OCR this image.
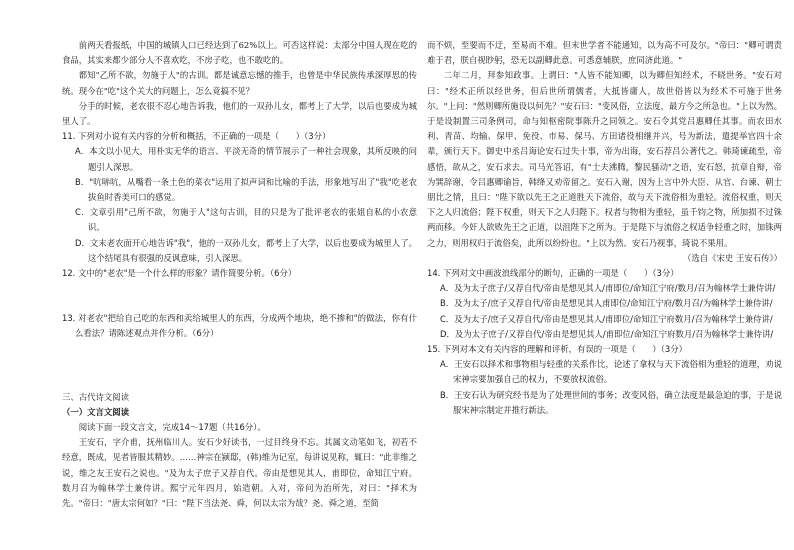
前两天看报纸，中国的城镇人口已经达到了62%以上。可否这样说：太部分中国人现在吃的食品，其实来都少部分人不喜欢吃，不房子吃，也不敢吃的。

都知"乙所不欲，勿施于人"的古训。都是诚意忘憾的推手，也曾是中华民族传承深厚思的传统。现今在"吃"这个关大的问题上，怎么竟搞不见？

分手的时候，老农很不忍心地告诉我，他们的一双孙儿女，都考上了大学，以后也要成为城里人了。

11. 下列对小说有关内容的分析和概括，不正确的一项是（　　）（3分）

A．本文以小见大，用朴实无华的语言、平淡无奇的情节展示了一种社会现象，其所反映的问题引人深思。

B．"吭哧吭，从嘴看一条土色的菜衣"运用了拟声词和比喻的手法，形象地写出了"我"吃老农拔鱼时香美可口的感觉。

C．文章引用"己所不欲，勿施于人"这句古训，目的只是为了批评老农的张姐自私的小农意识。

D．文末老农面开心地告诉"我"，他的一双孙儿女，都考上了大学，以后也要成为城里人了。这个结尾具有很强的反讽意味，引人深思。

12. 文中的"老农"是一个什么样的形象？请作简要分析。（6分）

13. 对老农"把给自己吃的东西和卖给城里人的东西，分成两个地块，绝不掺和"的做法，你有什么看法？请陈述观点并作分析。（6分）

三、古代诗文阅读

（一）文言文阅读

阅读下面一段文言文，完成14～17题（共16分）。

王安石，字介甫，抚州临川人。安石少好读书，一过目终身不忘。其属文动笔如飞，初若不经意，既成，见者皆服其精妙。……神宗在颍邸，(韩)维为记室，每讲说见称，辄曰："此非维之说，维之友王安石之说也。"及为太子庶子又荐自代。帝由是想见其人，甫即位，命知江宁府。数月召为翰林学士兼侍讲。熙宁元年四月，始造朝。入对，帝问为治所先，对曰："择术为先。"帝曰："唐太宗何如？"曰："陛下当法尧、舜，何以太宗为哉？尧、舜之道，至简

而不烦，至要而不迂，至易而不难。但末世学者不能通知，以为高不可及尔。"帝曰："卿可谓责难于君，朕自视眇躬，恐无以副卿此意。可悉意辅朕，庶同济此道。"

二年二月，拜参知政事。上谓曰："人皆不能知卿，以为卿但知经术，不晓世务。"安石对曰："经术正所以经世务，但后世所谓儒者，大抵皆庸人，故世俗皆以为经术不可施于世务尔。"上问："然则卿所施设以何先？"安石曰："变风俗，立法度，最方今之所急也。"上以为然。于是设制置三司条例司，命与知枢密院事陈升之同领之。安石令其党吕惠卿任其事。而农田水利、青苗、均输、保甲、免役、市易、保马、方田诸役相继并兴，号为新法，遣提举官四十余辈，颁行天下。御史中丞吕诲论安石过失十事，帝为出诲，安石荐吕公著代之。韩琦谏疏至，帝感悟，欲从之，安石求去。司马光答诏，有"士夫沸腾，黎民骚动"之语，安石怒，抗章自辩，帝为巽辞谢，令吕惠卿谕旨，韩绛又劝帝留之。安石入谢，因为上言中外大臣、从官、台谏、朝士朋比之情，且曰："陛下欲以先王之正道胜天下流俗，故与天下流俗相为重轻。流俗权重，则天下之人归流俗；陛下权重，则天下之人归陛下。权者与物相为重轻，虽千钧之物，所加损不过铢两而移。今奸人欲败先王之正道，以沮陛下之所为。于是陛下与流俗之权适争轻重之时，加铢两之力，则用权归于流俗矣，此所以纷纷也。"上以为然。安石乃视事，琦说不果用。

（选自《宋史 王安石传》）

14. 下列对文中画波浪线部分的断句，正确的一项是（　　）（3分）

A．及为太子庶子/又荐自代/帝由是想见其人/甫即位/命知江宁府/数月/召为翰林学士兼侍讲/

B．及为太子/庶子又荐自代/帝由是想见其人甫即位/命知江宁府/数月召/为翰林学士兼侍讲/

C．及为太子/庶子又荐自代/帝由是想见其人/甫即位/命知江宁府数月/召为翰林学士兼侍讲/

D．及为太子庶子/又荐自代/帝由是想见其人/甫即位/命知江宁府数月/召为翰林学士兼侍讲/

15. 下列对本文有关内容的理解和评析，有误的一项是（　　）（3分）

A．王安石以择术和事物相与轻重的关系作比，论述了拿权与天下流俗相为重轻的道理，劝说宋神宗要加强自己的权力，不要放权流俗。

B．王安石认为研究经书是为了处理世间的事务；改变风俗，确立法度是最急迫的事，于是说服宋神宗制定并推行新法。
